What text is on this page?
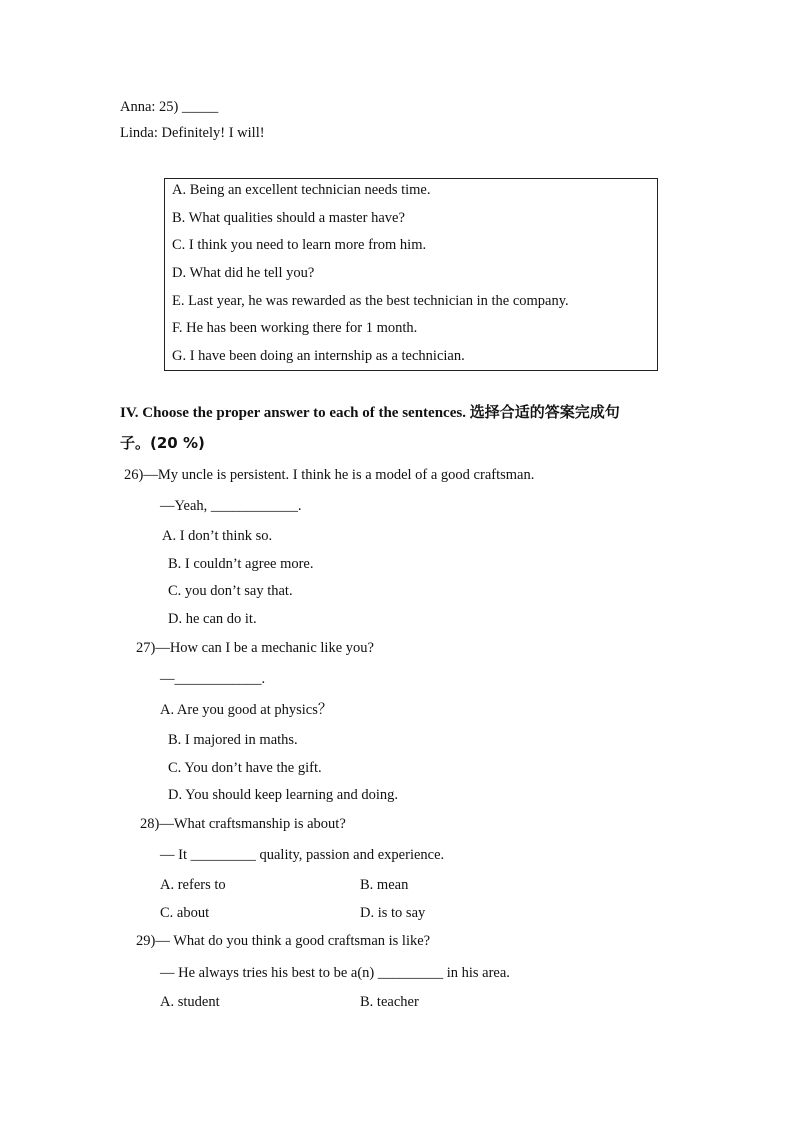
Anna: 25) _____
Linda: Definitely! I will!
A. Being an excellent technician needs time.
B. What qualities should a master have?
C. I think you need to learn more from him.
D. What did he tell you?
E. Last year, he was rewarded as the best technician in the company.
F. He has been working there for 1 month.
G. I have been doing an internship as a technician.
IV. Choose the proper answer to each of the sentences. 选择合适的答案完成句
子。(20 %)
26)—My uncle is persistent. I think he is a model of a good craftsman.
—Yeah, ____________.
A. I don’t think so.
B. I couldn’t agree more.
C. you don’t say that.
D. he can do it.
27)—How can I be a mechanic like you?
—____________.
A. Are you good at physics？
B. I majored in maths.
C. You don’t have the gift.
D. You should keep learning and doing.
28)—What craftsmanship is about?
— It _________ quality, passion and experience.
A. refers to	B. mean
C. about	D. is to say
29)— What do you think a good craftsman is like?
— He always tries his best to be a(n) _________ in his area.
A. student	B. teacher
